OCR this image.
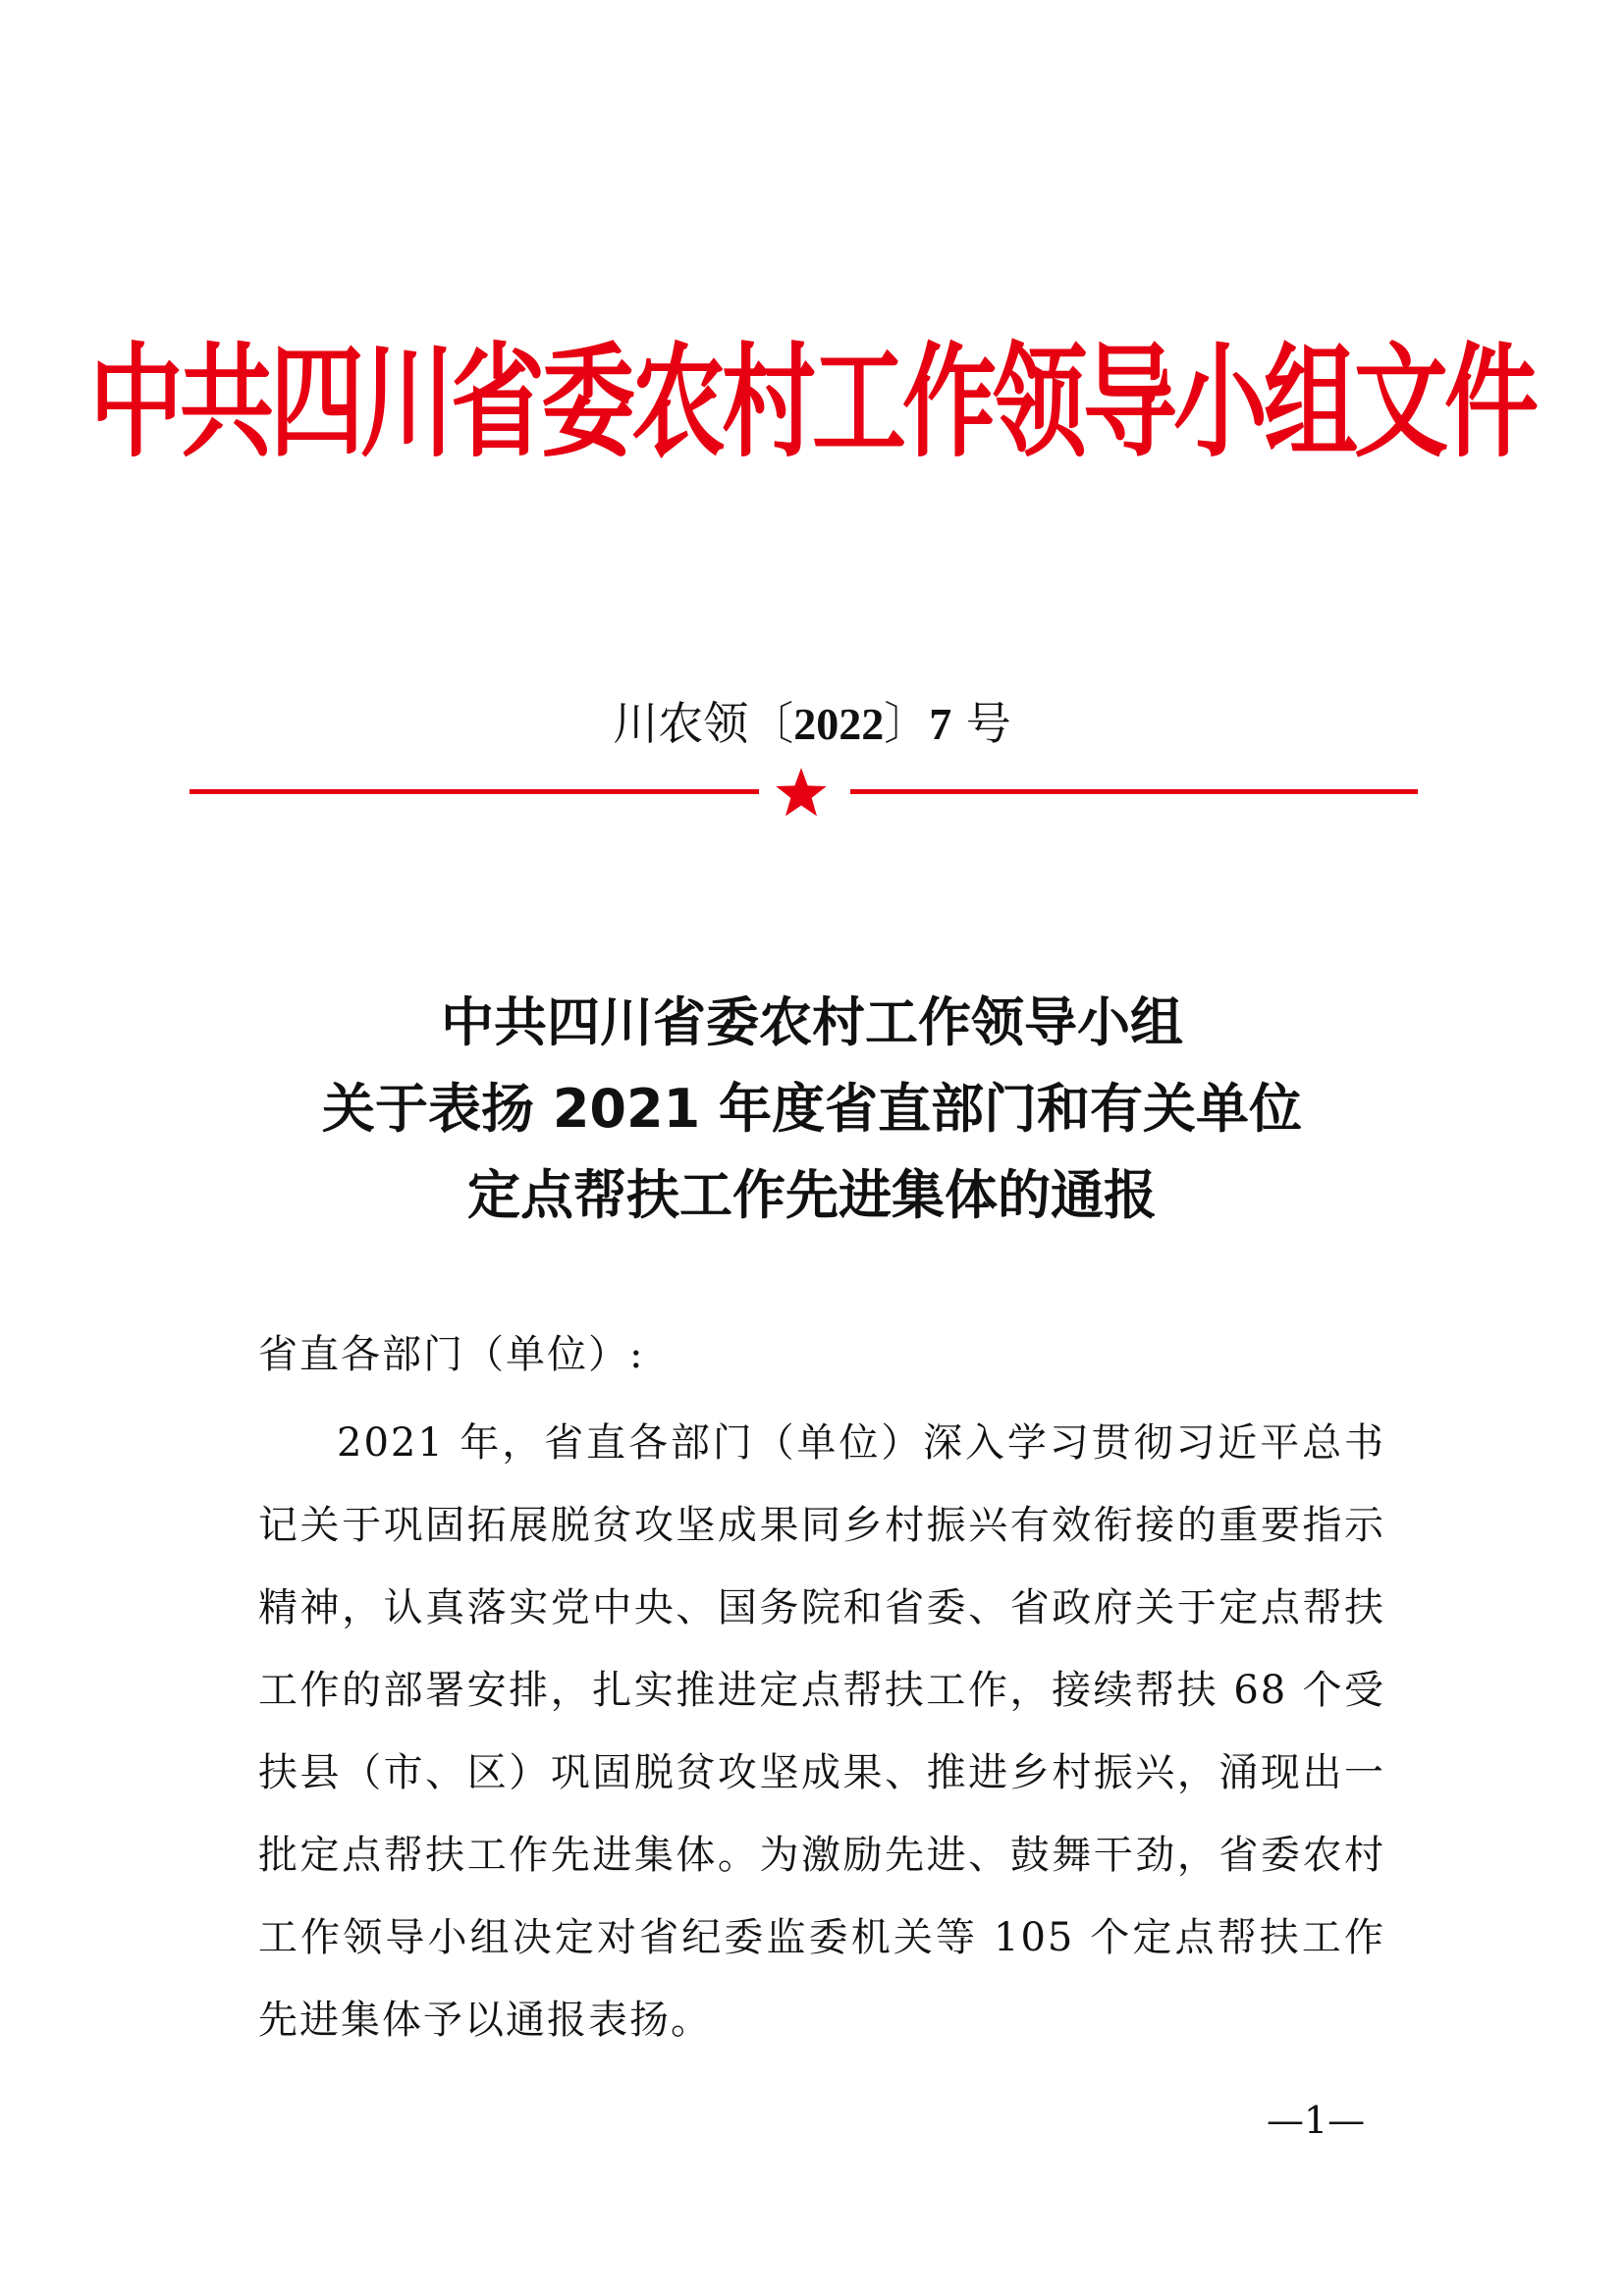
中共四川省委农村工作领导小组文件
川农领〔2022〕7 号
中共四川省委农村工作领导小组
关于表扬 2021 年度省直部门和有关单位
定点帮扶工作先进集体的通报
省直各部门（单位）:
2021 年，省直各部门（单位）深入学习贯彻习近平总书记关于巩固拓展脱贫攻坚成果同乡村振兴有效衔接的重要指示精神，认真落实党中央、国务院和省委、省政府关于定点帮扶工作的部署安排，扎实推进定点帮扶工作，接续帮扶 68 个受扶县（市、区）巩固脱贫攻坚成果、推进乡村振兴，涌现出一批定点帮扶工作先进集体。为激励先进、鼓舞干劲，省委农村工作领导小组决定对省纪委监委机关等 105 个定点帮扶工作先进集体予以通报表扬。
—1—
